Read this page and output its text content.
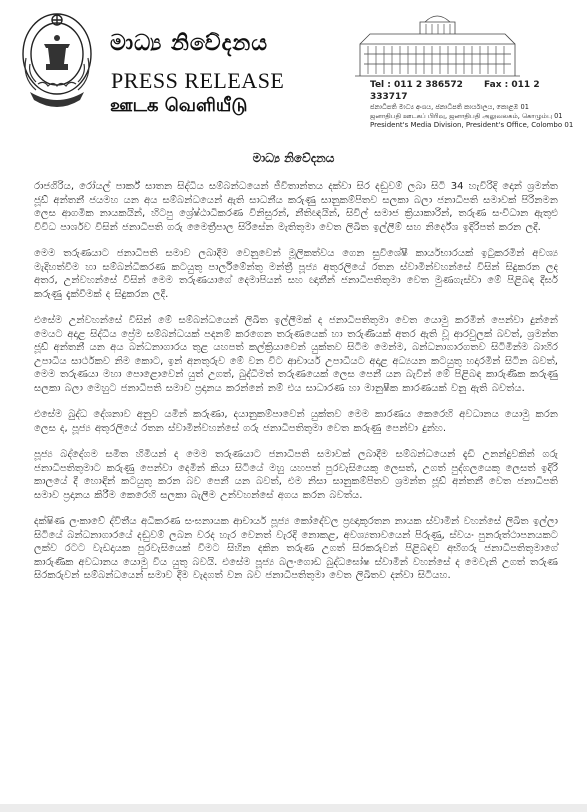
මාධ්‍ය නිවේදනය
PRESS RELEASE
ஊடக வெளியீடு
Tel : 011 2 386572 Fax : 011 2 333717
ජනාධිපති මාධ්‍ය අංශය, ජනාධිපති කාර්යාලය, කොළඹ 01
ஜனாதிபதி ஊடகப் பிரிவு, ஜனாதிபதி அலுவலகம், கொழும்பு 01
President's Media Division, President's Office, Colombo 01
මාධ්‍ය නිවේදනය

රාජගිරිය, රෝයල් පාර්ක් සාතන සිද්ධිය සම්බන්ධයෙන් ජීවිතාන්තය දක්වා සිර දඬුවම් ලබා සිටි 34 හැවිරිදි දොන් ශ්‍රමන්ත ජූඩ් අන්තනී ජයමහ යන අය සම්බන්ධයෙන් ඇති සාධනීය කරුණු සානුකම්පිතව සලකා බලා ජනාධිපති සමාවක් පිරිනමන ලෙස ආගමික නායකයින්, හිටපු ශ්‍රේෂ්ඨාධිකරණ විනිසුරන්, නීතිඥයින්, සිවිල් සමාජ ක්‍රියාකාරින්, තරුණ සංවිධාන ඇතුළු විවිධ පාර්ශව විසින් ජනාධිපති ගරු මෛත්‍රීපාල සිරිසේන මැතිතුමා වෙත ලිඛිත ඉල්ලීම් සහ නිර්දේශ ඉදිරිපත් කරන ලදී.

මෙම තරුණයාට ජනාධිපති සමාව ලබාදීම වෙනුවෙන් මූලිකත්වය ගෙන සුවිශේෂී කාර්යභාරයක් ඉටුකරමින් අවශ්‍ය මැදිහත්වීම හා සම්බන්ධීකරණ කටයුතු පාර්ලිමේන්තු මන්ත්‍රී පූජ්‍ය අතුරලියේ රතන ස්වාමින්වහන්සේ විසින් සිදුකරන ලද අතර, උන්වහන්සේ විසින් මෙම තරුණයාගේ දෙමාපියන් සහ ඥාතීන් ජනාධිපතිතුමා වෙත මුණගැස්වා මේ පිළිබඳ දීර්ඝ කරුණු දැක්වීමක් ද සිදුකරන ලදී.

එසේම උන්වහන්සේ විසින් මේ සම්බන්ධයෙන් ලිඛිත ඉල්ලීමක් ද ජනාධිපතිතුමා වෙත යොමු කරමින් පෙන්වා දුන්නේ මෙයට අදාළ සිද්ධිය ප්‍රේම සම්බන්ධයක් පදනම් කරගෙන තරුණයෙක් හා තරුණියක් අතර ඇති වූ ආරවුලක් බවත්, ශ්‍රමන්ත ජූඩ් අන්තනී යන අය බන්ධනාගාරය තුළ යහපත් කල්ක්‍රියාවෙන් යුක්තව සිටීම මෙන්ම, බන්ධනාගාරගතව සිටිමින්ම බාහිර උපාධිය සාර්ථකව නිම කොට, ඉන් අනතුරුව මේ වන විට ආචාර්ය උපාධියට අදාළ අධ්‍යයන කටයුතු හදාරමින් සිටින බවත්, මෙම තරුණයා මහා පොළොවෙන් යුත් උගත්, බුද්ධිමත් තරුණයෙක් ලෙස පෙනී යන බැවින් මේ පිළිබඳ කාරුණික කරුණු සලකා බලා මෙහුට ජනාධිපති සමාව ප්‍රදානය කරන්නේ නම් එය සාධාරණ හා මානුෂීක කාරණයක් වනු ඇති බවත්ය.

එසේම බුද්ධ දේශනාව අනුව යමින් කරුණා, දයානුකම්පාවෙන් යුක්තව මෙම කාරණය කෙරෙහි අවධානය යොමු කරන ලෙස ද, පූජ්‍ය අතුරලියේ රතන ස්වාමින්වහන්සේ ගරු ජනාධිපතිතුමා වෙත කරුණු පෙන්වා දුන්හ.

පූජ්‍ය බද්දේගම සමිත හිමියන් ද මෙම තරුණයාට ජනාධිපති සමාවක් ලබාදීම සම්බන්ධයෙන් දැඩි උනන්දුවකින් ගරු ජනාධිපතිතුමාට කරුණු පෙන්වා දෙමින් කියා සිටියේ මහු යහපත් පුරවැසියෙකු ලෙසත්, උගත් පුද්ගලයෙකු ලෙසත් ඉදිරි කාලයේ දී හොඳින් කටයුතු කරන බව පෙනී යන බවත්, එම නිසා සානුකම්පිතව ශ්‍රමන්ත ජූඩ් අන්තනී වෙත ජනාධිපති සමාව ප්‍රදානය කිරීම කෙරෙහි සලකා බැලීම උන්වහන්සේ අගය කරන බවත්ය.

දක්ෂිණ ලංකාවේ ද්විතීය අධිකරණ සංඝනායක ආචාර්ය පූජ්‍ය කෝදේවල ප්‍රඥාකූරතන නායක ස්වාමින් වහන්සේ ලිඛිත ඉල්ලා සිටියේ බන්ධනාගාරයේ දඬුවම් ලබන වරද හැර වෙනත් වැරදි නොකළ, අවශ්‍යතාවයෙන් පිරුණු, ස්වයං පුනරුත්ථාපනයකට ලක්ව රටට වැඩදායක පුරවැසියෙක් වීමට සිහින දකින තරුණ උගත් සිරකරුවන් පිළිබඳව අභිගරු ජනාධිපතිතුමාගේ කාරුණික අවධානය යොමු විය යුතු බවයි. එසේම පූජ්‍ය බලංගොඩ බුද්ධඝෝෂ ස්වාමීන් වහන්සේ ද මෙවැනි උගත් තරුණ සිරකරුවන් සම්බන්ධයෙන් සමාව දීම වැදගත් වන බව ජනාධිපතිතුමා වෙත ලිඛිතව දන්වා සිටියහ.
